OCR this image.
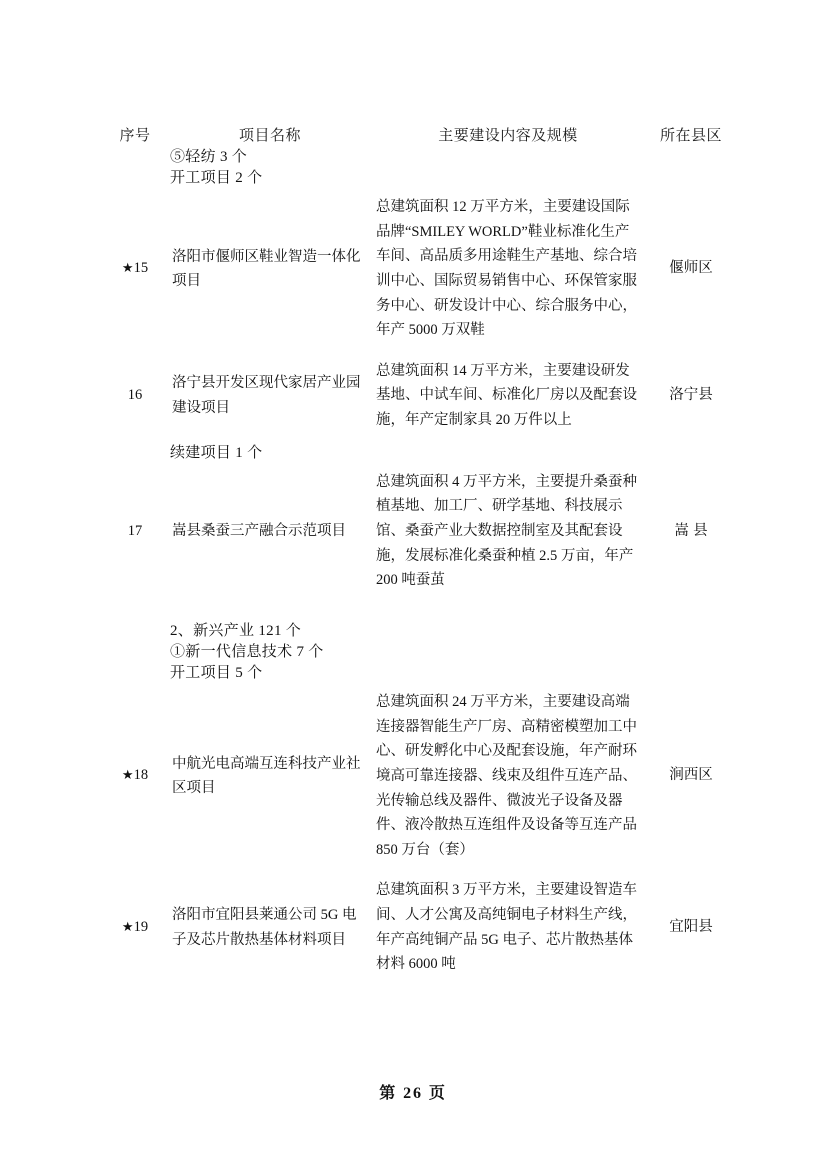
序号	项目名称	主要建设内容及规模	所在县区
	⑤轻纺 3 个		
	开工项目 2 个		
★15	洛阳市偃师区鞋业智造一体化项目	总建筑面积 12 万平方米，主要建设国际品牌“SMILEY WORLD”鞋业标准化生产车间、高品质多用途鞋生产基地、综合培训中心、国际贸易销售中心、环保管家服务中心、研发设计中心、综合服务中心，年产 5000 万双鞋	偃师区
16	洛宁县开发区现代家居产业园建设项目	总建筑面积 14 万平方米，主要建设研发基地、中试车间、标准化厂房以及配套设施，年产定制家具 20 万件以上	洛宁县
	续建项目 1 个		
17	嵩县桑蚕三产融合示范项目	总建筑面积 4 万平方米，主要提升桑蚕种植基地、加工厂、研学基地、科技展示馆、桑蚕产业大数据控制室及其配套设施，发展标准化桑蚕种植 2.5 万亩，年产 200 吨蚕茧	嵩县

	2、新兴产业 121 个		
	①新一代信息技术 7 个		
	开工项目 5 个		
★18	中航光电高端互连科技产业社区项目	总建筑面积 24 万平方米，主要建设高端连接器智能生产厂房、高精密模塑加工中心、研发孵化中心及配套设施，年产耐环境高可靠连接器、线束及组件互连产品、光传输总线及器件、微波光子设备及器件、液冷散热互连组件及设备等互连产品 850 万台（套）	涧西区
★19	洛阳市宜阳县莱通公司 5G 电子及芯片散热基体材料项目	总建筑面积 3 万平方米，主要建设智造车间、人才公寓及高纯铜电子材料生产线，年产高纯铜产品 5G 电子、芯片散热基体材料 6000 吨	宜阳县
第 26 页
